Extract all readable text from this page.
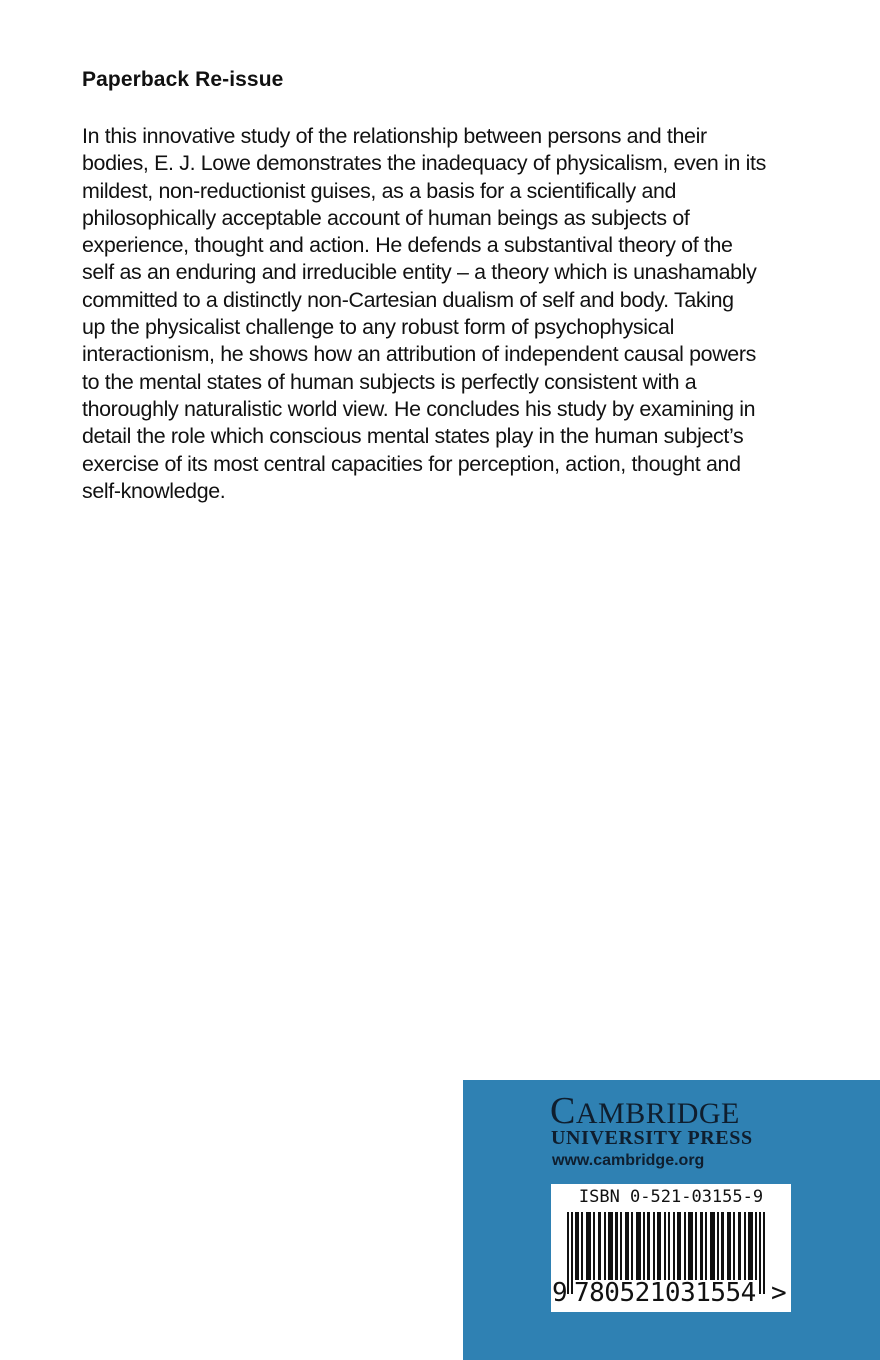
Paperback Re-issue
In this innovative study of the relationship between persons and their
bodies, E. J. Lowe demonstrates the inadequacy of physicalism, even in its
mildest, non-reductionist guises, as a basis for a scientifically and
philosophically acceptable account of human beings as subjects of
experience, thought and action. He defends a substantival theory of the
self as an enduring and irreducible entity – a theory which is unashamably
committed to a distinctly non-Cartesian dualism of self and body. Taking
up the physicalist challenge to any robust form of psychophysical
interactionism, he shows how an attribution of independent causal powers
to the mental states of human subjects is perfectly consistent with a
thoroughly naturalistic world view. He concludes his study by examining in
detail the role which conscious mental states play in the human subject’s
exercise of its most central capacities for perception, action, thought and
self-knowledge.
CAMBRIDGE
UNIVERSITY PRESS
www.cambridge.org
ISBN 0-521-03155-9
9 780521031554 >
